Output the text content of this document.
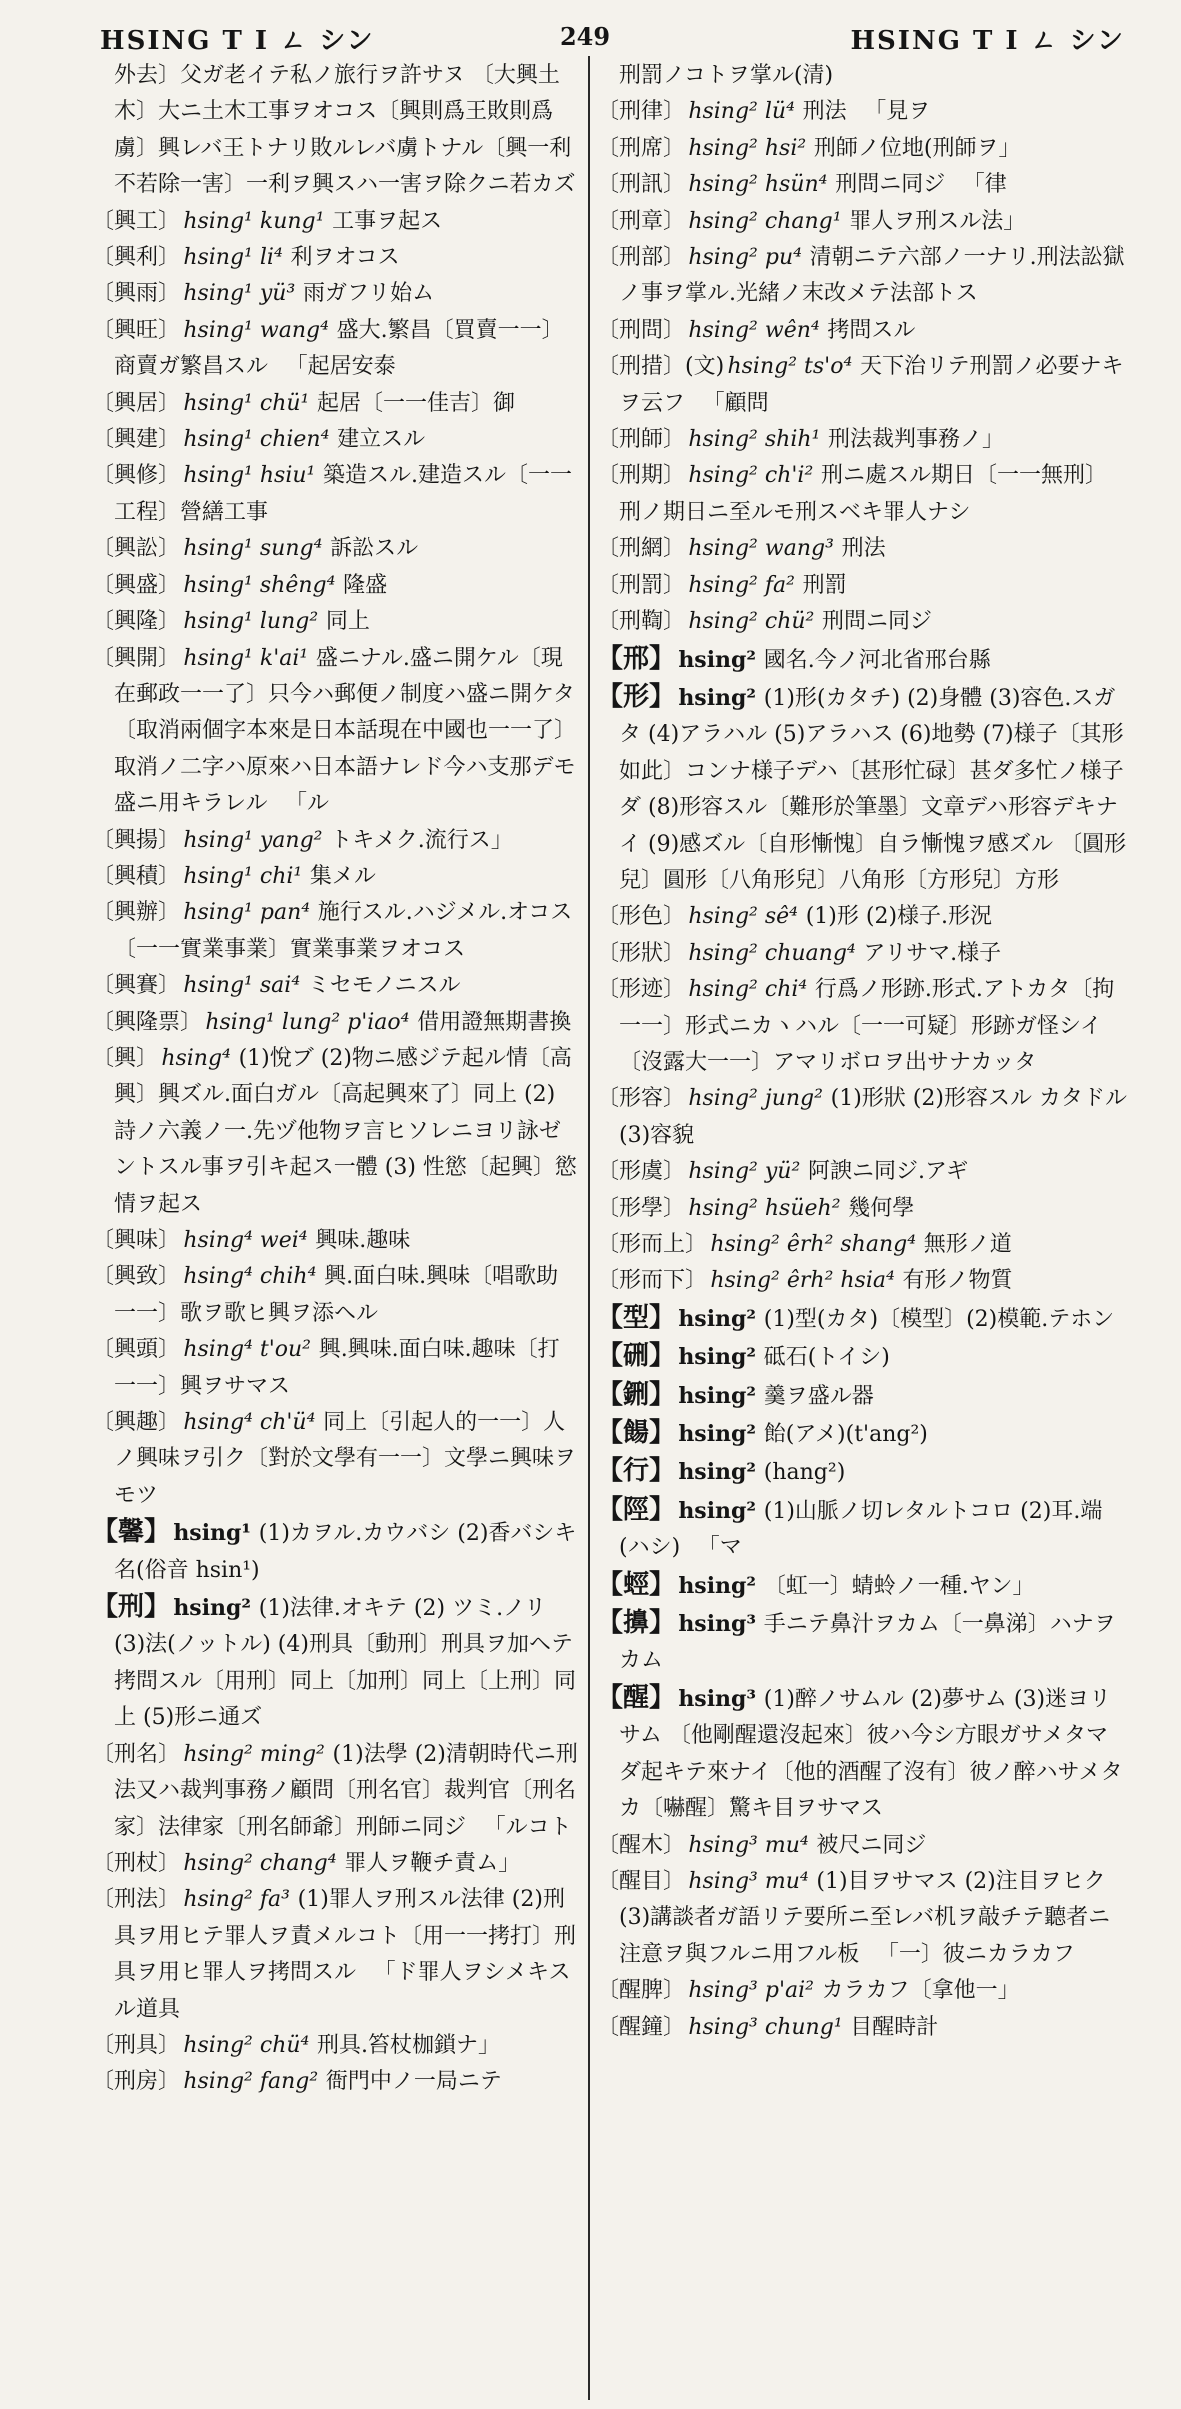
HSING T I ㄥ シン	249	HSING T I ㄥ シン
外去〕父ガ老イテ私ノ旅行ヲ許サヌ 〔大興土木〕大ニ土木工事ヲオコス〔興則爲王敗則爲虜〕興レバ王トナリ敗ルレバ虜トナル〔興一利不若除一害〕一利ヲ興スハ一害ヲ除クニ若カズ
〔興工〕 hsing¹ kung¹ 工事ヲ起ス
〔興利〕 hsing¹ li⁴ 利ヲオコス
〔興雨〕 hsing¹ yü³ 雨ガフリ始ム
〔興旺〕 hsing¹ wang⁴ 盛大.繁昌〔買賣一一〕商賣ガ繁昌スル 「起居安泰
〔興居〕 hsing¹ chü¹ 起居〔一一佳吉〕御
〔興建〕 hsing¹ chien⁴ 建立スル
〔興修〕 hsing¹ hsiu¹ 築造スル.建造スル〔一一工程〕營繕工事
〔興訟〕 hsing¹ sung⁴ 訴訟スル
〔興盛〕 hsing¹ shêng⁴ 隆盛
〔興隆〕 hsing¹ lung² 同上
〔興開〕 hsing¹ k'ai¹ 盛ニナル.盛ニ開ケル〔現在郵政一一了〕只今ハ郵便ノ制度ハ盛ニ開ケタ〔取消兩個字本來是日本話現在中國也一一了〕取消ノ二字ハ原來ハ日本語ナレド今ハ支那デモ盛ニ用キラレル 「ル
〔興揚〕 hsing¹ yang² トキメク.流行ス」
〔興積〕 hsing¹ chi¹ 集メル
〔興辦〕 hsing¹ pan⁴ 施行スル.ハジメル.オコス〔一一實業事業〕實業事業ヲオコス
〔興賽〕 hsing¹ sai⁴ ミセモノニスル
〔興隆票〕 hsing¹ lung² p'iao⁴ 借用證無期書換
〔興〕 hsing⁴ (1)悅ブ (2)物ニ感ジテ起ル情〔高興〕興ズル.面白ガル〔高起興來了〕同上 (2) 詩ノ六義ノ一.先ヅ他物ヲ言ヒソレニヨリ詠ゼントスル事ヲ引キ起ス一體 (3) 性慾〔起興〕慾情ヲ起ス
〔興味〕 hsing⁴ wei⁴ 興味.趣味
〔興致〕 hsing⁴ chih⁴ 興.面白味.興味〔唱歌助一一〕歌ヲ歌ヒ興ヲ添ヘル
〔興頭〕 hsing⁴ t'ou² 興.興味.面白味.趣味〔打一一〕興ヲサマス
〔興趣〕 hsing⁴ ch'ü⁴ 同上〔引起人的一一〕人ノ興味ヲ引ク〔對於文學有一一〕文學ニ興味ヲモツ
【馨】 hsing¹ (1)カヲル.カウバシ (2)香バシキ名(俗音 hsin¹)
【刑】 hsing² (1)法律.オキテ (2) ツミ.ノリ (3)法(ノットル) (4)刑具〔動刑〕刑具ヲ加ヘテ拷問スル〔用刑〕同上〔加刑〕同上〔上刑〕同上 (5)形ニ通ズ
〔刑名〕 hsing² ming² (1)法學 (2)清朝時代ニ刑法又ハ裁判事務ノ顧問〔刑名官〕裁判官〔刑名家〕法律家〔刑名師爺〕刑師ニ同ジ 「ルコト
〔刑杖〕 hsing² chang⁴ 罪人ヲ鞭チ責ム」
〔刑法〕 hsing² fa³ (1)罪人ヲ刑スル法律 (2)刑具ヲ用ヒテ罪人ヲ責メルコト〔用一一拷打〕刑具ヲ用ヒ罪人ヲ拷問スル 「ド罪人ヲシメキスル道具
〔刑具〕 hsing² chü⁴ 刑具.笞杖枷鎖ナ」
〔刑房〕 hsing² fang² 衙門中ノ一局ニテ
刑罰ノコトヲ掌ル(清)
〔刑律〕 hsing² lü⁴ 刑法 「見ヲ
〔刑席〕 hsing² hsi² 刑師ノ位地(刑師ヲ」
〔刑訊〕 hsing² hsün⁴ 刑問ニ同ジ 「律
〔刑章〕 hsing² chang¹ 罪人ヲ刑スル法」
〔刑部〕 hsing² pu⁴ 清朝ニテ六部ノ一ナリ.刑法訟獄ノ事ヲ掌ル.光緒ノ末改メテ法部トス
〔刑問〕 hsing² wên⁴ 拷問スル
〔刑措〕(文) hsing² ts'o⁴ 天下治リテ刑罰ノ必要ナキヲ云フ 「顧問
〔刑師〕 hsing² shih¹ 刑法裁判事務ノ」
〔刑期〕 hsing² ch'i² 刑ニ處スル期日〔一一無刑〕刑ノ期日ニ至ルモ刑スベキ罪人ナシ
〔刑網〕 hsing² wang³ 刑法
〔刑罰〕 hsing² fa² 刑罰
〔刑鞫〕 hsing² chü² 刑問ニ同ジ
【邢】 hsing² 國名.今ノ河北省邢台縣
【形】 hsing² (1)形(カタチ) (2)身體 (3)容色.スガタ (4)アラハル (5)アラハス (6)地勢 (7)様子〔其形如此〕コンナ様子デハ〔甚形忙碌〕甚ダ多忙ノ様子ダ (8)形容スル〔難形於筆墨〕文章デハ形容デキナイ (9)感ズル〔自形慚愧〕自ラ慚愧ヲ感ズル 〔圓形兒〕圓形〔八角形兒〕八角形〔方形兒〕方形
〔形色〕 hsing² sê⁴ (1)形 (2)様子.形況
〔形狀〕 hsing² chuang⁴ アリサマ.様子
〔形迹〕 hsing² chi⁴ 行爲ノ形跡.形式.アトカタ〔拘一一〕形式ニカヽハル〔一一可疑〕形跡ガ怪シイ〔沒露大一一〕アマリボロヲ出サナカッタ
〔形容〕 hsing² jung² (1)形狀 (2)形容スル カタドル (3)容貌
〔形虞〕 hsing² yü² 阿諛ニ同ジ.アギ
〔形學〕 hsing² hsüeh² 幾何學
〔形而上〕 hsing² êrh² shang⁴ 無形ノ道
〔形而下〕 hsing² êrh² hsia⁴ 有形ノ物質
【型】 hsing² (1)型(カタ)〔模型〕(2)模範.テホン
【硎】 hsing² 砥石(トイシ)
【鉶】 hsing² 羹ヲ盛ル器
【餳】 hsing² 飴(アメ)(t'ang²)
【行】 hsing² (hang²)
【陘】 hsing² (1)山脈ノ切レタルトコロ (2)耳.端(ハシ) 「マ
【蛵】 hsing² 〔虹一〕蜻蛉ノ一種.ヤン」
【擤】 hsing³ 手ニテ鼻汁ヲカム〔一鼻涕〕ハナヲカム
【醒】 hsing³ (1)醉ノサムル (2)夢サム (3)迷ヨリサム 〔他剛醒還沒起來〕彼ハ今シ方眼ガサメタマダ起キテ來ナイ〔他的酒醒了沒有〕彼ノ醉ハサメタカ〔嚇醒〕驚キ目ヲサマス
〔醒木〕 hsing³ mu⁴ 被尺ニ同ジ
〔醒目〕 hsing³ mu⁴ (1)目ヲサマス (2)注目ヲヒク (3)講談者ガ語リテ要所ニ至レバ机ヲ敲チテ聽者ニ注意ヲ與フルニ用フル板 「一〕彼ニカラカフ
〔醒脾〕 hsing³ p'ai² カラカフ〔拿他一」
〔醒鐘〕 hsing³ chung¹ 目醒時計
